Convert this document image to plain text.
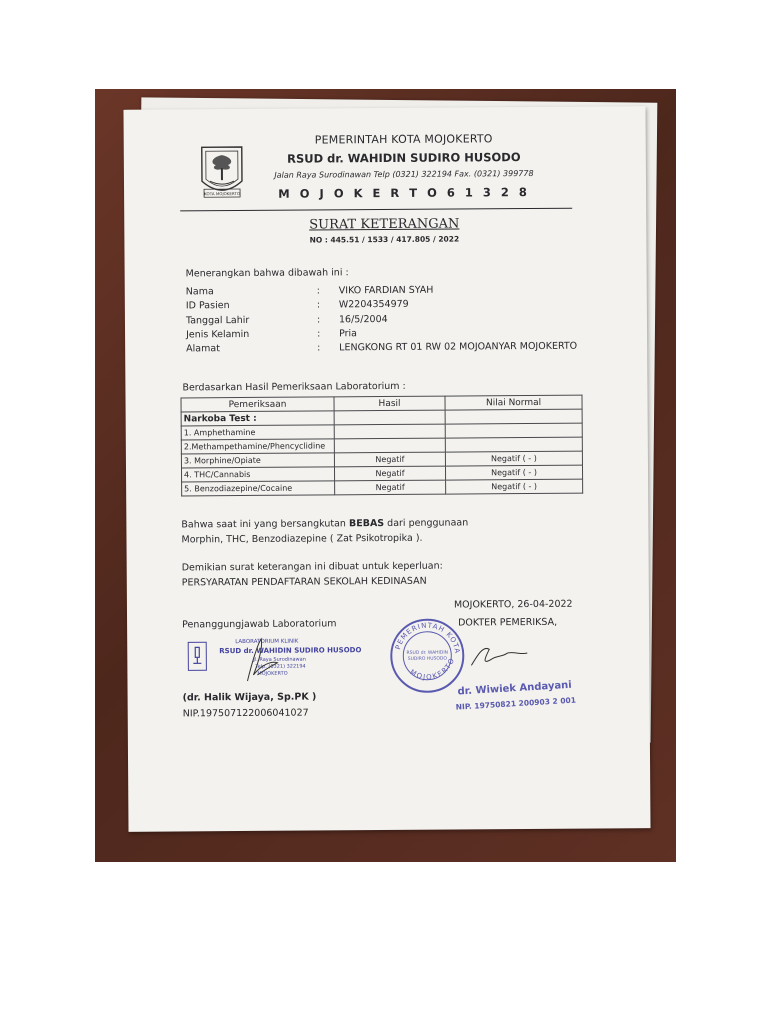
KOTA MOJOKERTO
PEMERINTAH KOTA MOJOKERTO
RSUD dr. WAHIDIN SUDIRO HUSODO
Jalan Raya Surodinawan Telp (0321) 322194 Fax. (0321) 399778
M O J O K E R T O 6 1 3 2 8
SURAT KETERANGAN
NO : 445.51 / 1533 / 417.805 / 2022
Menerangkan bahwa dibawah ini :
Nama	: VIKO FARDIAN SYAH
ID Pasien	: W2204354979
Tanggal Lahir	: 16/5/2004
Jenis Kelamin	: Pria
Alamat	: LENGKONG RT 01 RW 02 MOJOANYAR MOJOKERTO
Berdasarkan Hasil Pemeriksaan Laboratorium :
Pemeriksaan	Hasil	Nilai Normal
Narkoba Test :		
1. Amphethamine		
2.Methampethamine/Phencyclidine		
3. Morphine/Opiate	Negatif	Negatif ( - )
4. THC/Cannabis	Negatif	Negatif ( - )
5. Benzodiazepine/Cocaine	Negatif	Negatif ( - )
Bahwa saat ini yang bersangkutan BEBAS dari penggunaan
Morphin, THC, Benzodiazepine ( Zat Psikotropika ).
Demikian surat keterangan ini dibuat untuk keperluan:
PERSYARATAN PENDAFTARAN SEKOLAH KEDINASAN
MOJOKERTO, 26-04-2022
Penanggungjawab Laboratorium	DOKTER PEMERIKSA,
LABORATORIUM KLINIK
RSUD dr. WAHIDIN SUDIRO HUSODO
Jl. Raya Surodinawan
Telp. (0321) 322194
MOJOKERTO
(dr. Halik Wijaya, Sp.PK )
NIP.197507122006041027
PEMERINTAH KOTA
MOJOKERTO
RSUD dr. WAHIDIN
SUDIRO HUSODO
dr. Wiwiek Andayani
NIP. 19750821 200903 2 001
